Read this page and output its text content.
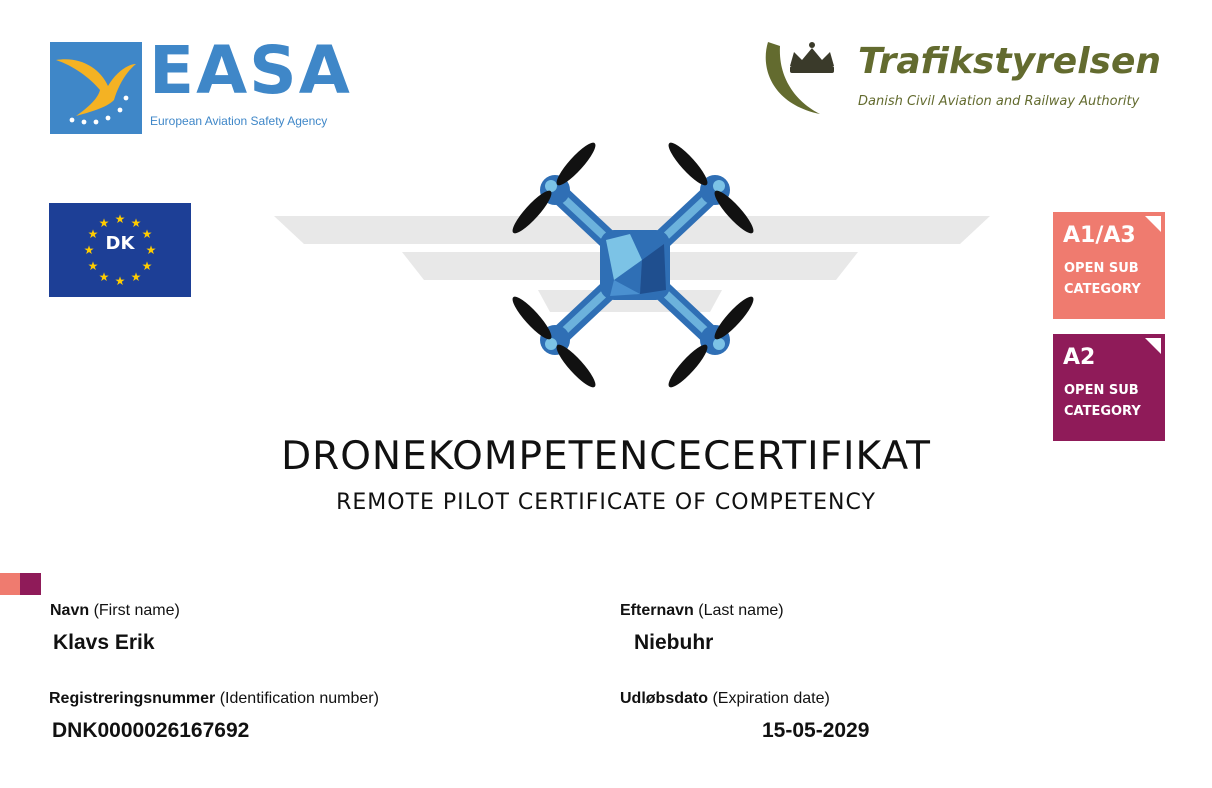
EASA
European Aviation Safety Agency
Trafikstyrelsen
Danish Civil Aviation and Railway Authority
★ ★
★
★
★
★
★
★
★
★
★
★
DK	A1/A3
OPEN SUB CATEGORY
A2
OPEN SUB CATEGORY
DRONEKOMPETENCECERTIFIKAT
REMOTE PILOT CERTIFICATE OF COMPETENCY
Navn (First name)
Klavs Erik
Efternavn (Last name)
Niebuhr
Registreringsnummer (Identification number)
DNK0000026167692
Udløbsdato (Expiration date)
15-05-2029
